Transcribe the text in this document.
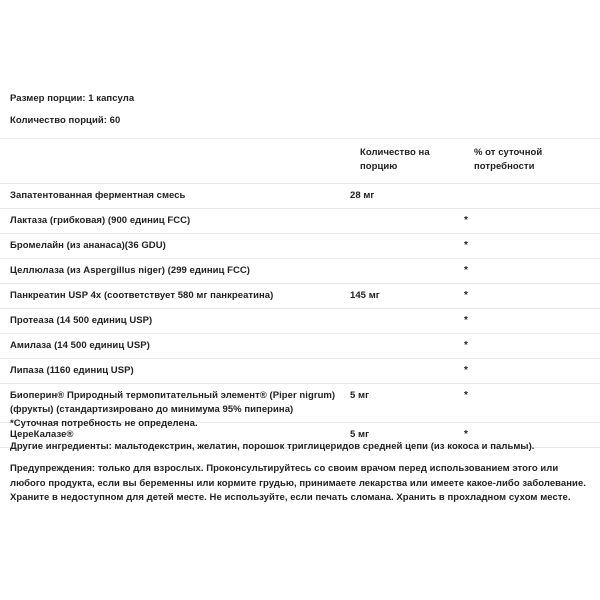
Размер порции: 1 капсула
Количество порций: 60
	Количество на порцию	% от суточной потребности
Запатентованная ферментная смесь	28 мг	
Лактаза (грибковая) (900 единиц FCC)		*
Бромелайн (из ананаса)(36 GDU)		*
Целлюлаза (из Aspergillus niger) (299 единиц FCC)		*
Панкреатин USP 4x (соответствует 580 мг панкреатина)	145 мг	*
Протеаза (14 500 единиц USP)		*
Амилаза (14 500 единиц USP)		*
Липаза (1160 единиц USP)		*
Биоперин® Природный термопитательный элемент® (Piper nigrum) (фрукты) (стандартизировано до минимума 95% пиперина)	5 мг	*
ЦереКалазе®	5 мг	*
*Суточная потребность не определена.
Другие ингредиенты: мальтодекстрин, желатин, порошок триглицеридов средней цепи (из кокоса и пальмы).
Предупреждения: только для взрослых. Проконсультируйтесь со своим врачом перед использованием этого или любого продукта, если вы беременны или кормите грудью, принимаете лекарства или имеете какое-либо заболевание. Храните в недоступном для детей месте. Не используйте, если печать сломана. Хранить в прохладном сухом месте.
